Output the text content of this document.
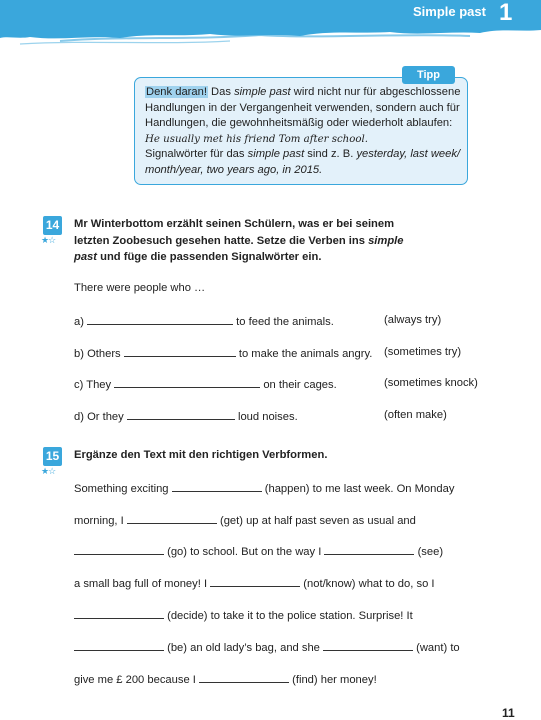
Simple past 1
Tipp
Denk daran! Das simple past wird nicht nur für abgeschlossene Handlungen in der Vergangenheit verwenden, sondern auch für Handlungen, die gewohnheitsmäßig oder wiederholt ablaufen:
He usually met his friend Tom after school.
Signalwörter für das simple past sind z. B. yesterday, last week/ month/year, two years ago, in 2015.
14
★☆
Mr Winterbottom erzählt seinen Schülern, was er bei seinem letzten Zoobesuch gesehen hatte. Setze die Verben ins simple past und füge die passenden Signalwörter ein.
There were people who …
a)	to feed the animals.	(always try)
b) Others	to make the animals angry. (sometimes try)
c) They	on their cages.	(sometimes knock)
d) Or they	loud noises.	(often make)
15
★☆
Ergänze den Text mit den richtigen Verbformen.
Something exciting	(happen) to me last week. On Monday
morning, I	(get) up at half past seven as usual and
(go) to school. But on the way I	(see)
a small bag full of money! I	(not/know) what to do, so I
(decide) to take it to the police station. Surprise! It
(be) an old lady’s bag, and she	(want) to
give me £ 200 because I	(find) her money!
11
